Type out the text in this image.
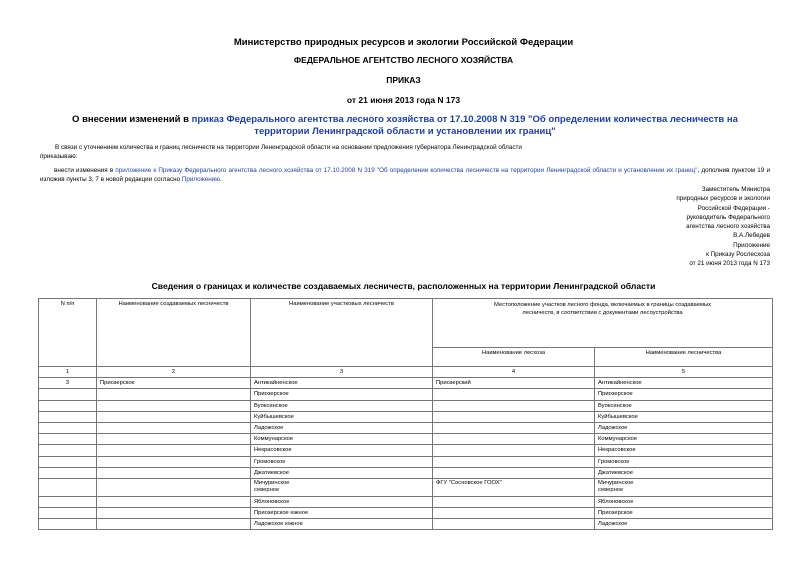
Министерство природных ресурсов и экологии Российской Федерации
ФЕДЕРАЛЬНОЕ АГЕНТСТВО ЛЕСНОГО ХОЗЯЙСТВА
ПРИКАЗ
от 21 июня 2013 года N 173
О внесении изменений в приказ Федерального агентства лесного хозяйства от 17.10.2008 N 319 "Об определении количества лесничеств на территории Ленинградской области и установлении их границ"
В связи с уточнением количества и границ лесничеств на территории Ленинградской области на основании предложения губернатора Ленинградской области
приказываю:
внести изменения в приложение к Приказу Федерального агентства лесного хозяйства от 17.10.2008 N 319 "Об определении количества лесничеств на территории Ленинградской области и установлении их границ", дополнив пунктом 19 и изложив пункты 3, 7 в новой редакции согласно Приложению.
Заместитель Министра
природных ресурсов и экологии
Российской Федерации -
руководитель Федерального
агентства лесного хозяйства
В.А.Лебедев
Приложение
к Приказу Рослесхоза
от 21 июня 2013 года N 173
Сведения о границах и количестве создаваемых лесничеств, расположенных на территории Ленинградской области
N п/п	Наименование создаваемых лесничеств	Наименование участковых лесничеств	Местоположение участков лесного фонда, включаемых в границы создаваемых лесничеств, в соответствии с документами лесоустройства	
			Наименование лесхоза	Наименование лесничества
1	2	3	4	5
3	Приозерское	Антикайненское	Приозерский	Антикайненское
		Приозерское		Приозерское
		Вуоксинское		Вуоксинское
		Куйбышевское		Куйбышевское
		Ладожское		Ладожское
		Коммунарское		Коммунарское
		Некрасовское		Некрасовское
		Громовское		Громовское
		Джатиевское		Джатиевское
		Мичуринское северное	ФГУ "Сосновское ГООХ"	Мичуринское северное
		Яблоновское		Яблоновское
		Приозерское южное		Приозерское
		Ладожское южное		Ладожское
